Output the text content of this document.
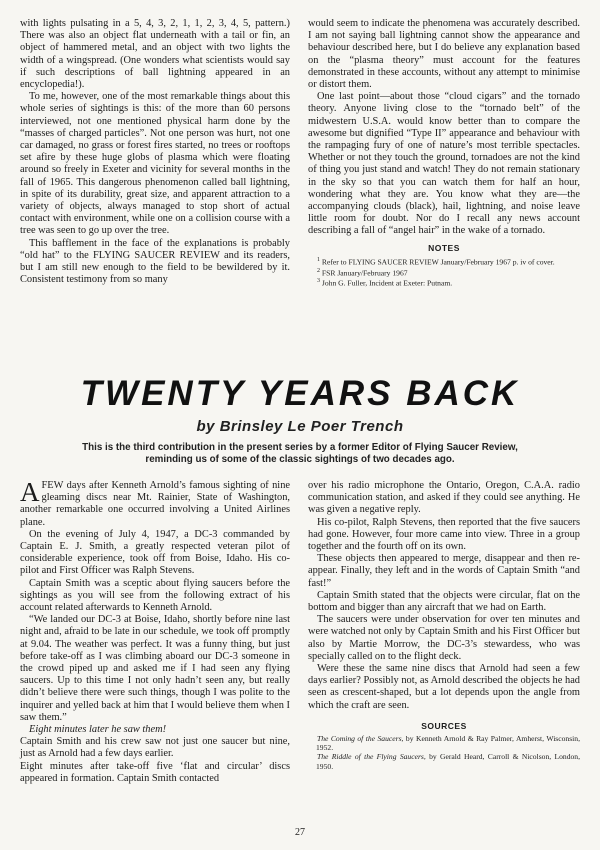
with lights pulsating in a 5, 4, 3, 2, 1, 1, 2, 3, 4, 5, pattern.) There was also an object flat underneath with a tail or fin, an object of hammered metal, and an object with two lights the width of a wingspread. (One wonders what scientists would say if such descriptions of ball lightning appeared in an encyclopedia!).

To me, however, one of the most remarkable things about this whole series of sightings is this: of the more than 60 persons interviewed, not one mentioned physical harm done by the “masses of charged particles”. Not one person was hurt, not one car damaged, no grass or forest fires started, no trees or rooftops set afire by these huge globs of plasma which were floating around so freely in Exeter and vicinity for several months in the fall of 1965. This dangerous phenomenon called ball lightning, in spite of its durability, great size, and apparent attraction to a variety of objects, always managed to stop short of actual contact with environment, while one on a collision course with a tree was seen to go up over the tree.

This bafflement in the face of the explanations is probably “old hat” to the FLYING SAUCER REVIEW and its readers, but I am still new enough to the field to be bewildered by it. Consistent testimony from so many

would seem to indicate the phenomena was accurately described. I am not saying ball lightning cannot show the appearance and behaviour described here, but I do believe any explanation based on the “plasma theory” must account for the features demonstrated in these accounts, without any attempt to minimise or distort them.

One last point—about those “cloud cigars” and the tornado theory. Anyone living close to the “tornado belt” of the midwestern U.S.A. would know better than to compare the awesome but dignified “Type II” appearance and behaviour with the rampaging fury of one of nature’s most terrible spectacles. Whether or not they touch the ground, tornadoes are not the kind of thing you just stand and watch! They do not remain stationary in the sky so that you can watch them for half an hour, wondering what they are. You know what they are—the accompanying clouds (black), hail, lightning, and noise leave little room for doubt. Nor do I recall any news account describing a fall of “angel hair” in the wake of a tornado.

NOTES

$^1$ Refer to FLYING SAUCER REVIEW January/February 1967 p. iv of cover.

$^2$ FSR January/February 1967

$^3$ John G. Fuller, Incident at Exeter: Putnam.

TWENTY YEARS BACK
by Brinsley Le Poer Trench
This is the third contribution in the present series by a former Editor of Flying Saucer Review, reminding us of some of the classic sightings of two decades ago.

AFEW days after Kenneth Arnold’s famous sighting of nine gleaming discs near Mt. Rainier, State of Washington, another remarkable one occurred involving a United Airlines plane.

On the evening of July 4, 1947, a DC-3 commanded by Captain E. J. Smith, a greatly respected veteran pilot of considerable experience, took off from Boise, Idaho. His co-pilot and First Officer was Ralph Stevens.

Captain Smith was a sceptic about flying saucers before the sightings as you will see from the following extract of his account related afterwards to Kenneth Arnold.

“We landed our DC-3 at Boise, Idaho, shortly before nine last night and, afraid to be late in our schedule, we took off promptly at 9.04. The weather was perfect. It was a funny thing, but just before take-off as I was climbing aboard our DC-3 someone in the crowd piped up and asked me if I had seen any flying saucers. Up to this time I not only hadn’t seen any, but really didn’t believe there were such things, though I was polite to the inquirer and yelled back at him that I would believe them when I saw them.”

Eight minutes later he saw them!

Captain Smith and his crew saw not just one saucer but nine, just as Arnold had a few days earlier.

Eight minutes after take-off five ‘flat and circular’ discs appeared in formation. Captain Smith contacted

over his radio microphone the Ontario, Oregon, C.A.A. radio communication station, and asked if they could see anything. He was given a negative reply.

His co-pilot, Ralph Stevens, then reported that the five saucers had gone. However, four more came into view. Three in a group together and the fourth off on its own.

These objects then appeared to merge, disappear and then re-appear. Finally, they left and in the words of Captain Smith “and fast!”

Captain Smith stated that the objects were circular, flat on the bottom and bigger than any aircraft that we had on Earth.

The saucers were under observation for over ten minutes and were watched not only by Captain Smith and his First Officer but also by Martie Morrow, the DC-3’s stewardess, who was specially called on to the flight deck.

Were these the same nine discs that Arnold had seen a few days earlier? Possibly not, as Arnold described the objects he had seen as crescent-shaped, but a lot depends upon the angle from which the craft are seen.

SOURCES

The Coming of the Saucers, by Kenneth Arnold & Ray Palmer, Amherst, Wisconsin, 1952.

The Riddle of the Flying Saucers, by Gerald Heard, Carroll & Nicolson, London, 1950.

27
